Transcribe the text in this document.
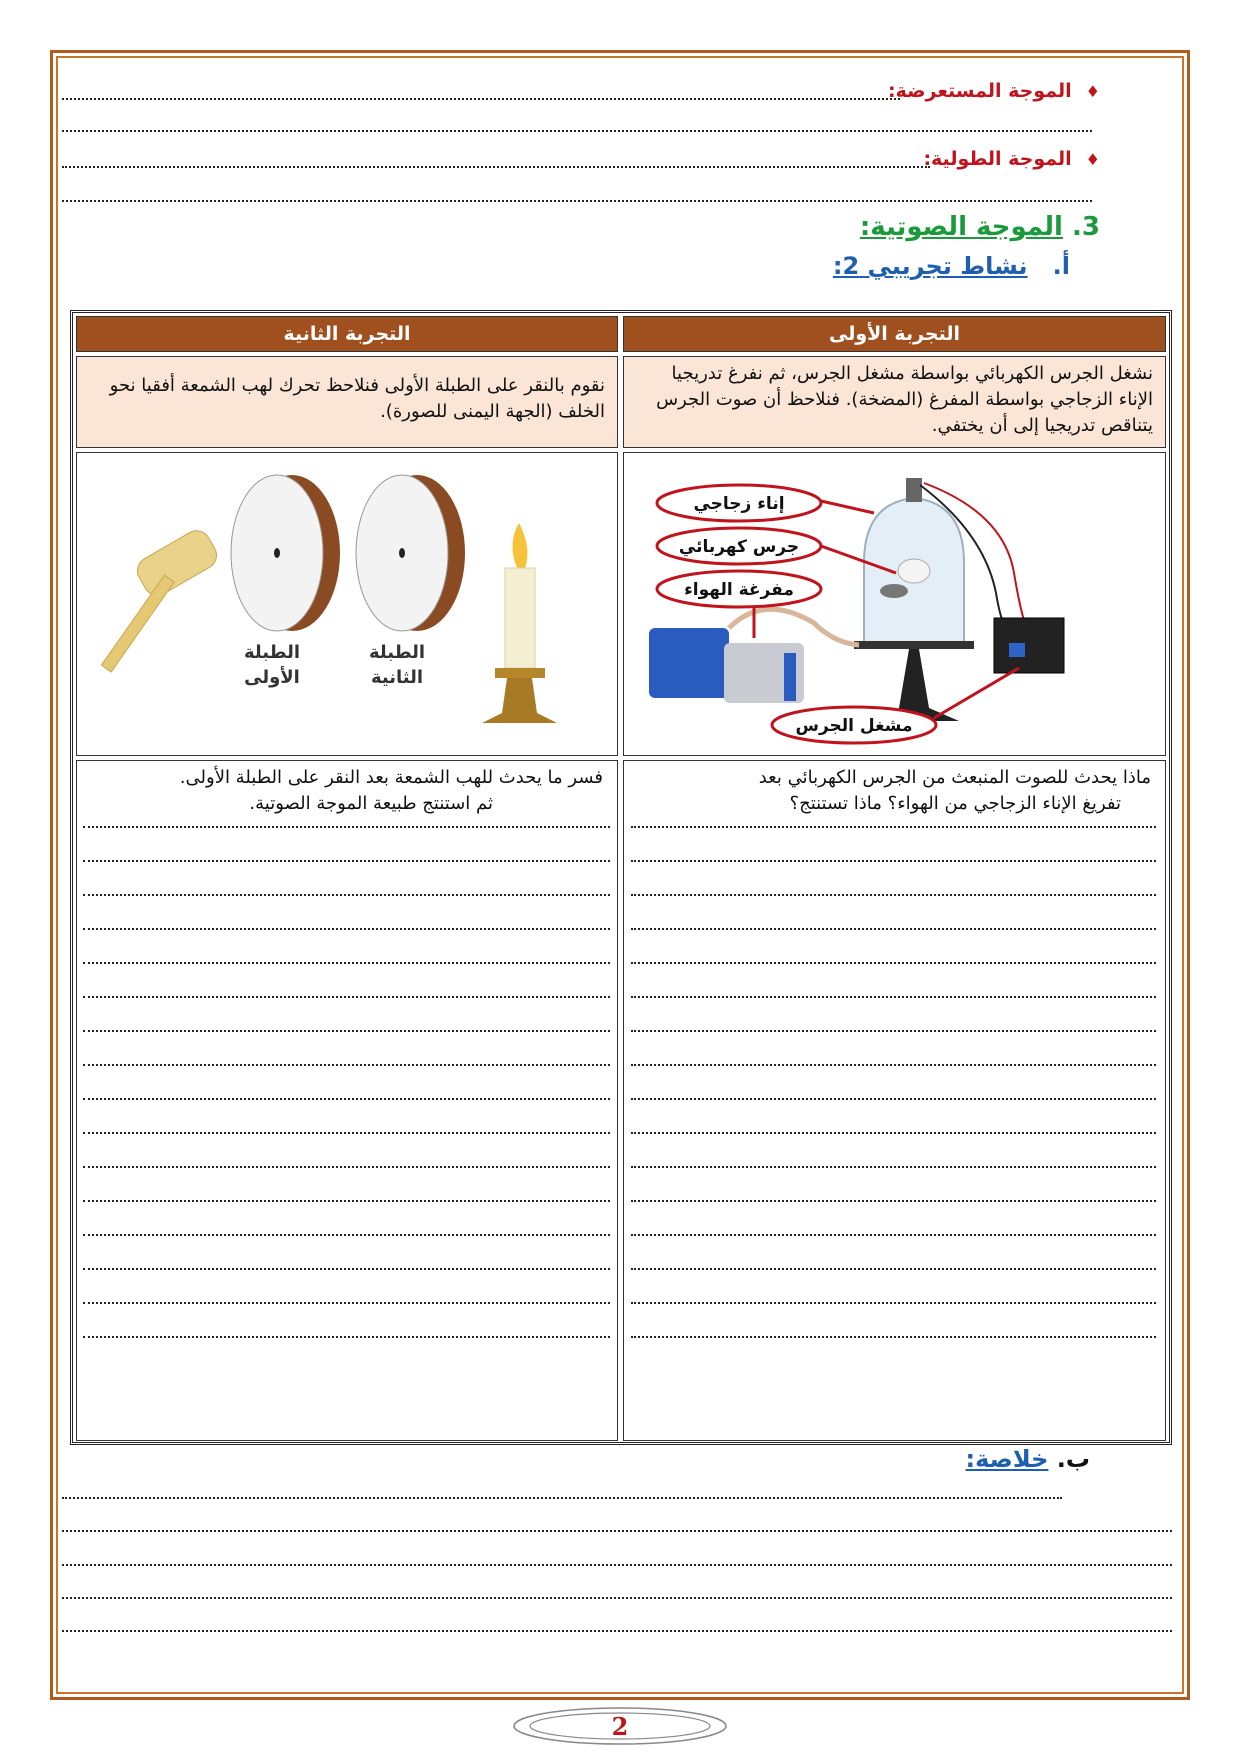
♦الموجة المستعرضة:
♦الموجة الطولية:
3. الموجة الصوتية:
أ.   نشاط تجريبي 2:
التجربة الأولى
التجربة الثانية
نشغل الجرس الكهربائي بواسطة مشغل الجرس، ثم نفرغ تدريجيا الإناء الزجاجي بواسطة المفرغ (المضخة). فنلاحظ أن صوت الجرس يتناقص تدريجيا إلى أن يختفي.
نقوم بالنقر على الطبلة الأولى فنلاحظ تحرك لهب الشمعة أفقيا نحو الخلف (الجهة اليمنى للصورة).
إناء زجاجي
جرس كهربائي
مفرغة الهواء
مشغل الجرس
الطبلة
الأولى
الطبلة
الثانية
ماذا يحدث للصوت المنبعث من الجرس الكهربائي بعد
تفريغ الإناء الزجاجي من الهواء؟ ماذا تستنتج؟
فسر ما يحدث للهب الشمعة بعد النقر على الطبلة الأولى.
ثم استنتج طبيعة الموجة الصوتية.
ب. خلاصة:
2
